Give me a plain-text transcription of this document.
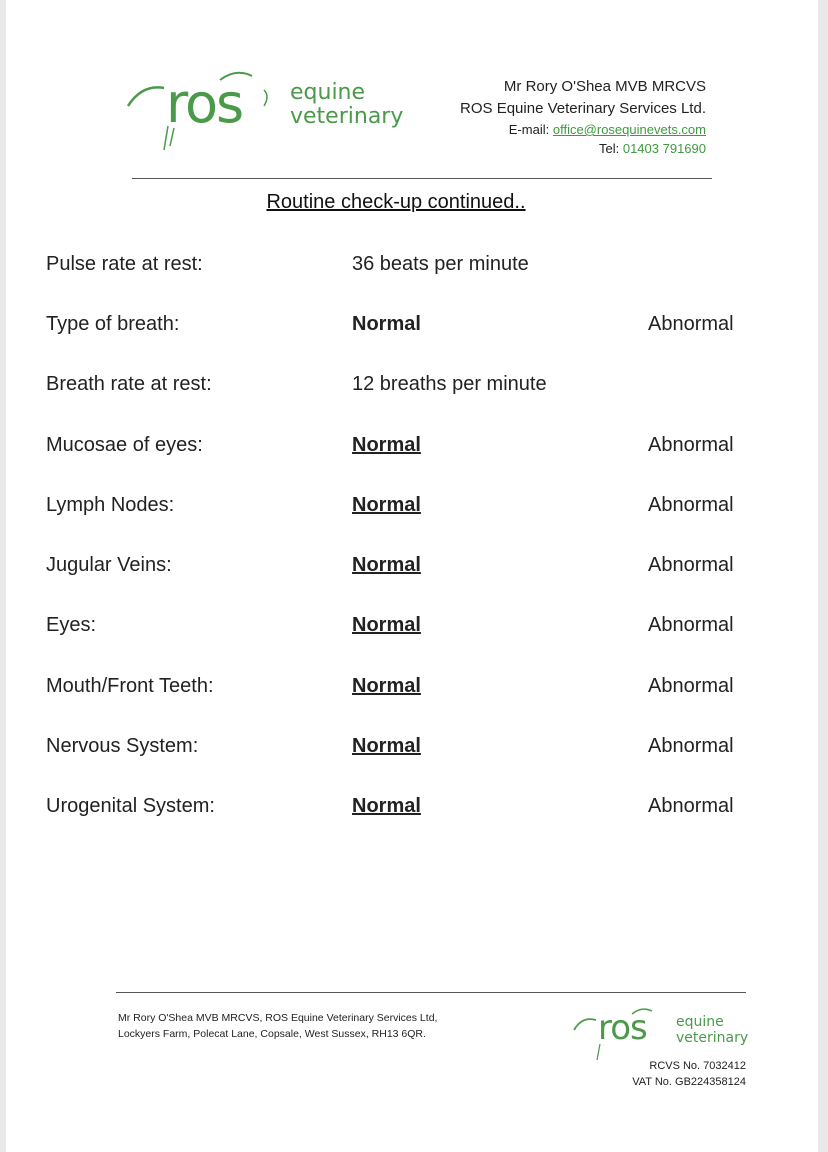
ros equine
veterinary
Mr Rory O'Shea MVB MRCVS
ROS Equine Veterinary Services Ltd.
E-mail: office@rosequinevets.com
Tel: 01403 791690
Routine check-up continued..
Pulse rate at rest:	36 beats per minute
Type of breath:	Normal	Abnormal
Breath rate at rest:	12 breaths per minute
Mucosae of eyes:	Normal	Abnormal
Lymph Nodes:	Normal	Abnormal
Jugular Veins:	Normal	Abnormal
Eyes:	Normal	Abnormal
Mouth/Front Teeth:	Normal	Abnormal
Nervous System:	Normal	Abnormal
Urogenital System:	Normal	Abnormal
Mr Rory O'Shea MVB MRCVS, ROS Equine Veterinary Services Ltd,
Lockyers Farm, Polecat Lane, Copsale, West Sussex, RH13 6QR.	ros equine
veterinary
RCVS No. 7032412
VAT No. GB224358124
